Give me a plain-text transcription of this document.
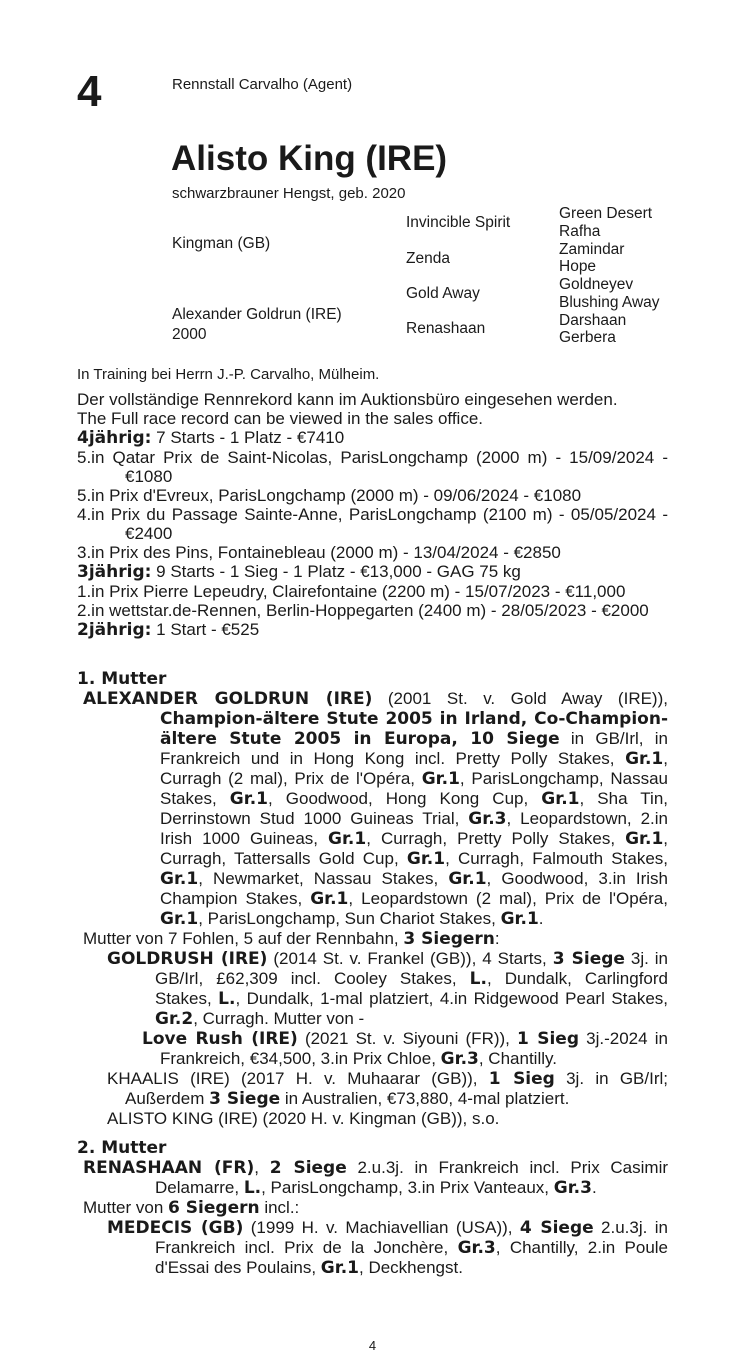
4	Rennstall Carvalho (Agent)
Alisto King (IRE)
schwarzbrauner Hengst, geb. 2020
Kingman (GB)
Alexander Goldrun (IRE)
2000
Invincible Spirit
Zenda
Gold Away
Renashaan
Green Desert
Rafha
Zamindar
Hope
Goldneyev
Blushing Away
Darshaan
Gerbera
In Training bei Herrn J.-P. Carvalho, Mülheim.

Der vollständige Rennrekord kann im Auktionsbüro eingesehen werden.

The Full race record can be viewed in the sales office.

4jährig: 7 Starts - 1 Platz - €7410

5.in Qatar Prix de Saint-Nicolas, ParisLongchamp (2000 m) - 15/09/2024 - €1080

5.in Prix d'Evreux, ParisLongchamp (2000 m) - 09/06/2024 - €1080

4.in Prix du Passage Sainte-Anne, ParisLongchamp (2100 m) - 05/05/2024 - €2400

3.in Prix des Pins, Fontainebleau (2000 m) - 13/04/2024 - €2850

3jährig: 9 Starts - 1 Sieg - 1 Platz - €13,000 - GAG 75 kg

1.in Prix Pierre Lepeudry, Clairefontaine (2200 m) - 15/07/2023 - €11,000

2.in wettstar.de-Rennen, Berlin-Hoppegarten (2400 m) - 28/05/2023 - €2000

2jährig: 1 Start - €525

1. Mutter

ALEXANDER GOLDRUN (IRE) (2001 St. v. Gold Away (IRE)), Champion-ältere Stute 2005 in Irland, Co-Champion-ältere Stute 2005 in Europa, 10 Siege in GB/Irl, in Frankreich und in Hong Kong incl. Pretty Polly Stakes, Gr.1, Curragh (2 mal), Prix de l'Opéra, Gr.1, ParisLongchamp, Nassau Stakes, Gr.1, Goodwood, Hong Kong Cup, Gr.1, Sha Tin, Derrinstown Stud 1000 Guineas Trial, Gr.3, Leopardstown, 2.in Irish 1000 Guineas, Gr.1, Curragh, Pretty Polly Stakes, Gr.1, Curragh, Tattersalls Gold Cup, Gr.1, Curragh, Falmouth Stakes, Gr.1, Newmarket, Nassau Stakes, Gr.1, Goodwood, 3.in Irish Champion Stakes, Gr.1, Leopardstown (2 mal), Prix de l'Opéra, Gr.1, ParisLongchamp, Sun Chariot Stakes, Gr.1.

Mutter von 7 Fohlen, 5 auf der Rennbahn, 3 Siegern:

GOLDRUSH (IRE) (2014 St. v. Frankel (GB)), 4 Starts, 3 Siege 3j. in GB/Irl, £62,309 incl. Cooley Stakes, L., Dundalk, Carlingford Stakes, L., Dundalk, 1-mal platziert, 4.in Ridgewood Pearl Stakes, Gr.2, Curragh. Mutter von -

Love Rush (IRE) (2021 St. v. Siyouni (FR)), 1 Sieg 3j.-2024 in Frankreich, €34,500, 3.in Prix Chloe, Gr.3, Chantilly.

KHAALIS (IRE) (2017 H. v. Muhaarar (GB)), 1 Sieg 3j. in GB/Irl; Außerdem 3 Siege in Australien, €73,880, 4-mal platziert.

ALISTO KING (IRE) (2020 H. v. Kingman (GB)), s.o.

2. Mutter

RENASHAAN (FR), 2 Siege 2.u.3j. in Frankreich incl. Prix Casimir Delamarre, L., ParisLongchamp, 3.in Prix Vanteaux, Gr.3.

Mutter von 6 Siegern incl.:

MEDECIS (GB) (1999 H. v. Machiavellian (USA)), 4 Siege 2.u.3j. in Frankreich incl. Prix de la Jonchère, Gr.3, Chantilly, 2.in Poule d'Essai des Poulains, Gr.1, Deckhengst.

4
